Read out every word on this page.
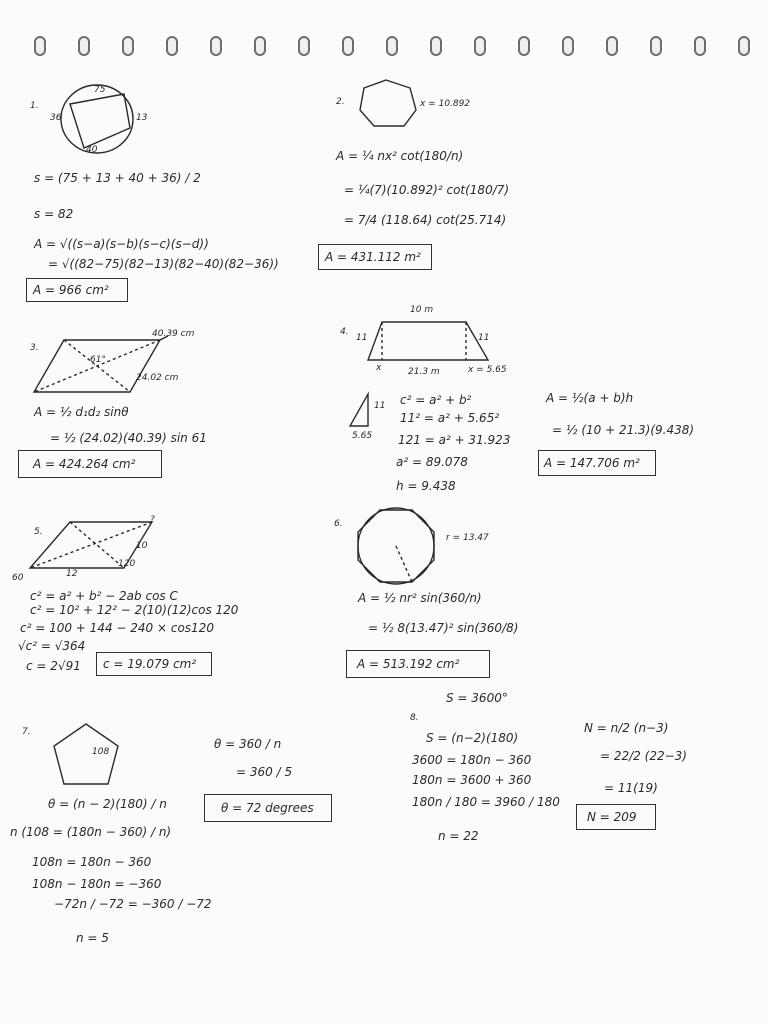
1.
75
13
40
36
s = (75 + 13 + 40 + 36) / 2
s = 82
A = √((s−a)(s−b)(s−c)(s−d))
= √((82−75)(82−13)(82−40)(82−36))
A = 966 cm²
2.	x = 10.892
A = ¼ nx² cot(180/n)
= ¼(7)(10.892)² cot(180/7)
= 7/4 (118.64) cot(25.714)
A = 431.112 m²
3.
40.39 cm
24.02 cm
61°
A = ½ d₁d₂ sinθ
= ½ (24.02)(40.39) sin 61
A = 424.264 cm²
4.
10 m
11	11
x	21.3 m	x = 5.65
11
5.65
c² = a² + b²
11² = a² + 5.65²
121 = a² + 31.923
a² = 89.078
h = 9.438
A = ½(a + b)h
= ½ (10 + 21.3)(9.438)
A = 147.706 m²
5.
?
10
12
60
120
c² = a² + b² − 2ab cos C
c² = 10² + 12² − 2(10)(12)cos 120
c² = 100 + 144 − 240 × cos120
√c² = √364
c = 2√91 c = 19.079 cm²
6.
r = 13.47
A = ½ nr² sin(360/n)
= ½ 8(13.47)² sin(360/8)
A = 513.192 cm²
S = 3600°
7.
108
θ = 360 / n
= 360 / 5
θ = 72 degrees
θ = (n − 2)(180) / n
n (108 = (180n − 360) / n)
108n = 180n − 360
108n − 180n = −360
−72n / −72 = −360 / −72
n = 5
8.
S = (n−2)(180)
3600 = 180n − 360
180n = 3600 + 360
180n / 180 = 3960 / 180
n = 22
N = n/2 (n−3)
= 22/2 (22−3)
= 11(19)
N = 209
